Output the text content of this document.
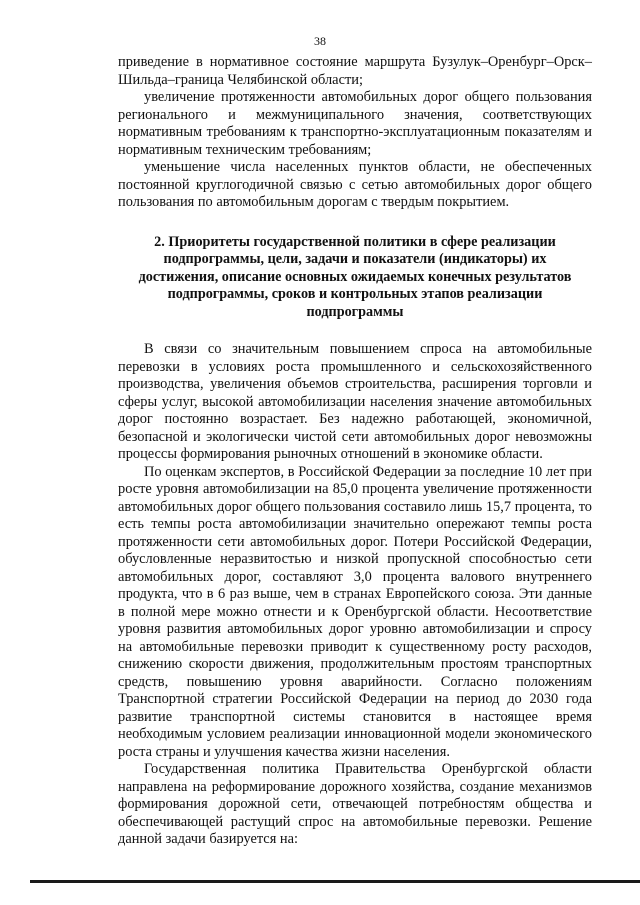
38

приведение в нормативное состояние маршрута Бузулук–Оренбург–Орск–Шильда–граница Челябинской области;

увеличение протяженности автомобильных дорог общего пользования регионального и межмуниципального значения, соответствующих нормативным требованиям к транспортно-эксплуатационным показателям и нормативным техническим требованиям;

уменьшение числа населенных пунктов области, не обеспеченных постоянной круглогодичной связью с сетью автомобильных дорог общего пользования по автомобильным дорогам с твердым покрытием.

2. Приоритеты государственной политики в сфере реализации подпрограммы, цели, задачи и показатели (индикаторы) их достижения, описание основных ожидаемых конечных результатов подпрограммы, сроков и контрольных этапов реализации подпрограммы

В связи со значительным повышением спроса на автомобильные перевозки в условиях роста промышленного и сельскохозяйственного производства, увеличения объемов строительства, расширения торговли и сферы услуг, высокой автомобилизации населения значение автомобильных дорог постоянно возрастает. Без надежно работающей, экономичной, безопасной и экологически чистой сети автомобильных дорог невозможны процессы формирования рыночных отношений в экономике области.

По оценкам экспертов, в Российской Федерации за последние 10 лет при росте уровня автомобилизации на 85,0 процента увеличение протяженности автомобильных дорог общего пользования составило лишь 15,7 процента, то есть темпы роста автомобилизации значительно опережают темпы роста протяженности сети автомобильных дорог. Потери Российской Федерации, обусловленные неразвитостью и низкой пропускной способностью сети автомобильных дорог, составляют 3,0 процента валового внутреннего продукта, что в 6 раз выше, чем в странах Европейского союза. Эти данные в полной мере можно отнести и к Оренбургской области. Несоответствие уровня развития автомобильных дорог уровню автомобилизации и спросу на автомобильные перевозки приводит к существенному росту расходов, снижению скорости движения, продолжительным простоям транспортных средств, повышению уровня аварийности. Согласно положениям Транспортной стратегии Российской Федерации на период до 2030 года развитие транспортной системы становится в настоящее время необходимым условием реализации инновационной модели экономического роста страны и улучшения качества жизни населения.

Государственная политика Правительства Оренбургской области направлена на реформирование дорожного хозяйства, создание механизмов формирования дорожной сети, отвечающей потребностям общества и обеспечивающей растущий спрос на автомобильные перевозки. Решение данной задачи базируется на:
